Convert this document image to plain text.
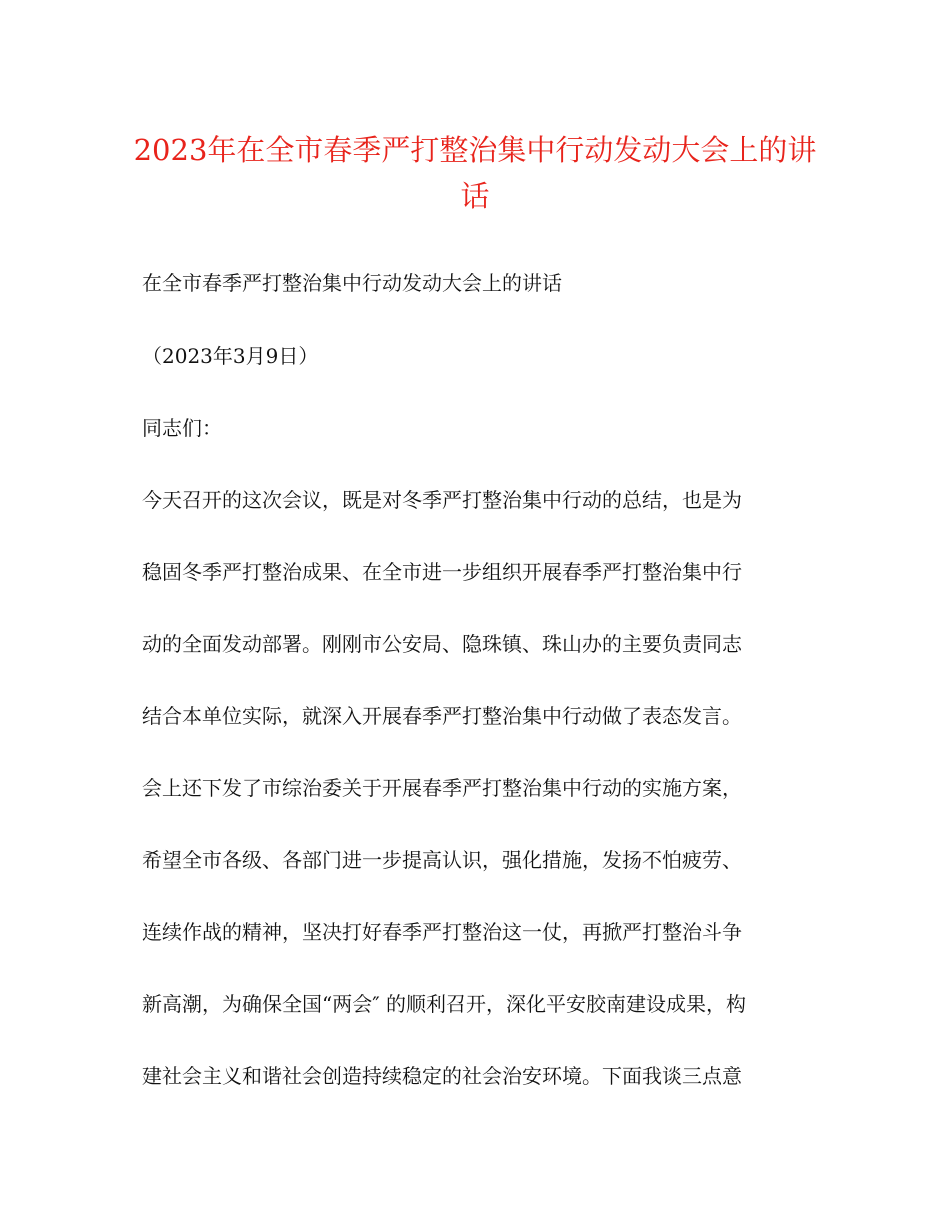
2023年在全市春季严打整治集中行动发动大会上的讲
话

在全市春季严打整治集中行动发动大会上的讲话

（2023年3月9日）

同志们：

今天召开的这次会议，既是对冬季严打整治集中行动的总结，也是为

稳固冬季严打整治成果、在全市进一步组织开展春季严打整治集中行

动的全面发动部署。刚刚市公安局、隐珠镇、珠山办的主要负责同志

结合本单位实际，就深入开展春季严打整治集中行动做了表态发言。

会上还下发了市综治委关于开展春季严打整治集中行动的实施方案，

希望全市各级、各部门进一步提高认识，强化措施，发扬不怕疲劳、

连续作战的精神，坚决打好春季严打整治这一仗，再掀严打整治斗争

新高潮，为确保全国“两会″ 的顺利召开，深化平安胶南建设成果，构

建社会主义和谐社会创造持续稳定的社会治安环境。下面我谈三点意
